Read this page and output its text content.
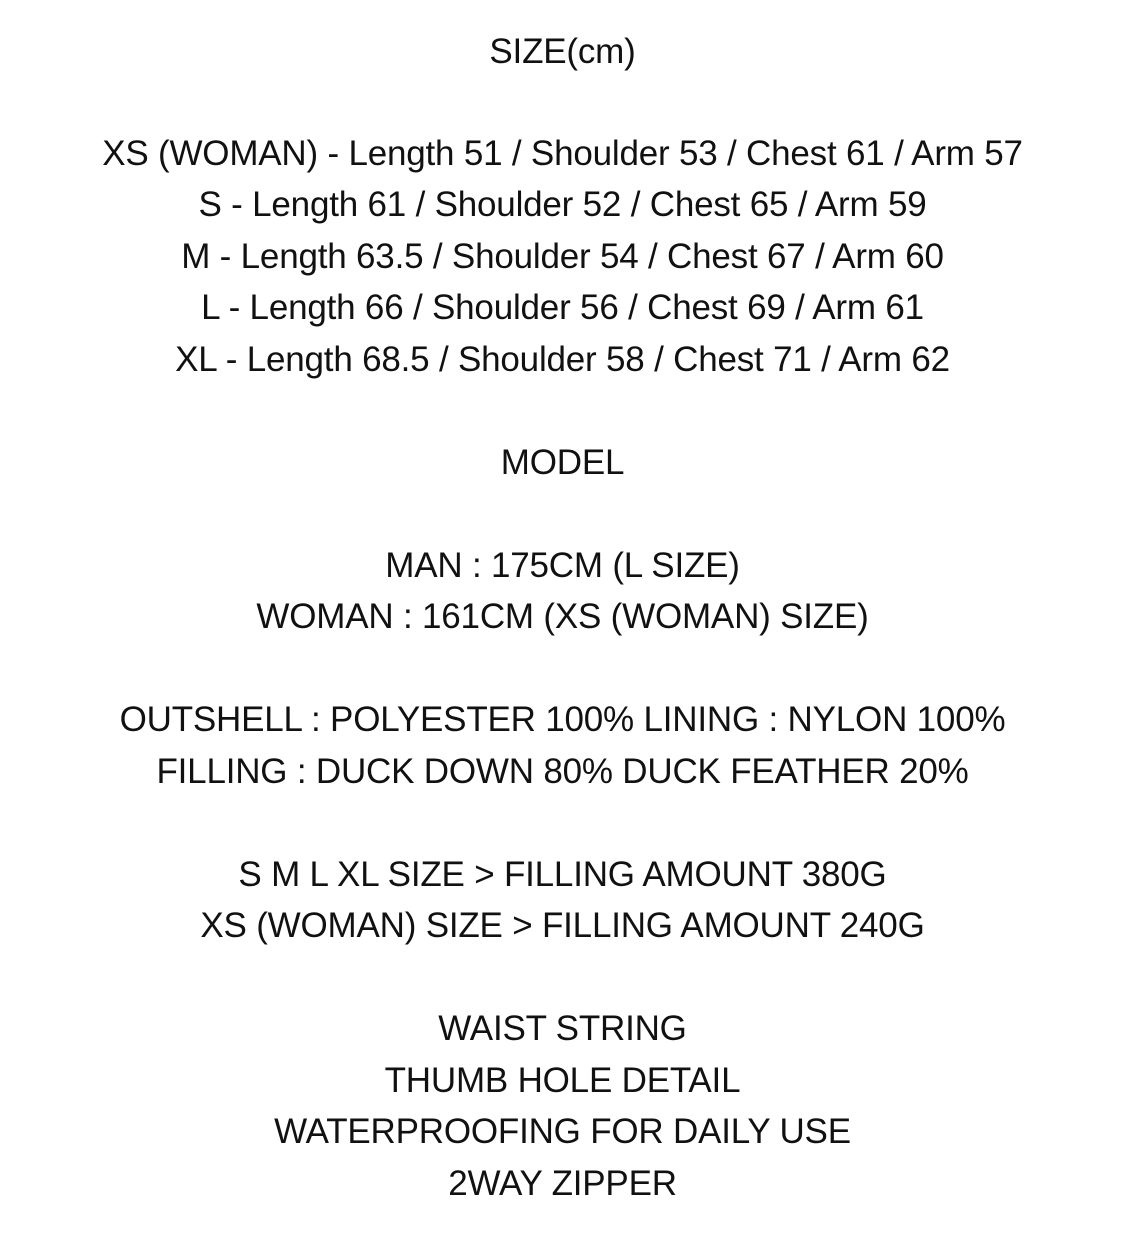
SIZE(cm)
XS (WOMAN) - Length 51 / Shoulder 53 / Chest 61 / Arm 57
S - Length 61 / Shoulder 52 / Chest 65 / Arm 59
M - Length 63.5 / Shoulder 54 / Chest 67 / Arm 60
L - Length 66 / Shoulder 56 / Chest 69 / Arm 61
XL - Length 68.5 / Shoulder 58 / Chest 71 / Arm 62
MODEL
MAN : 175CM (L SIZE)
WOMAN : 161CM (XS (WOMAN) SIZE)
OUTSHELL : POLYESTER 100% LINING : NYLON 100%
FILLING : DUCK DOWN 80% DUCK FEATHER 20%
S M L XL SIZE > FILLING AMOUNT 380G
XS (WOMAN) SIZE > FILLING AMOUNT 240G
WAIST STRING
THUMB HOLE DETAIL
WATERPROOFING FOR DAILY USE
2WAY ZIPPER
